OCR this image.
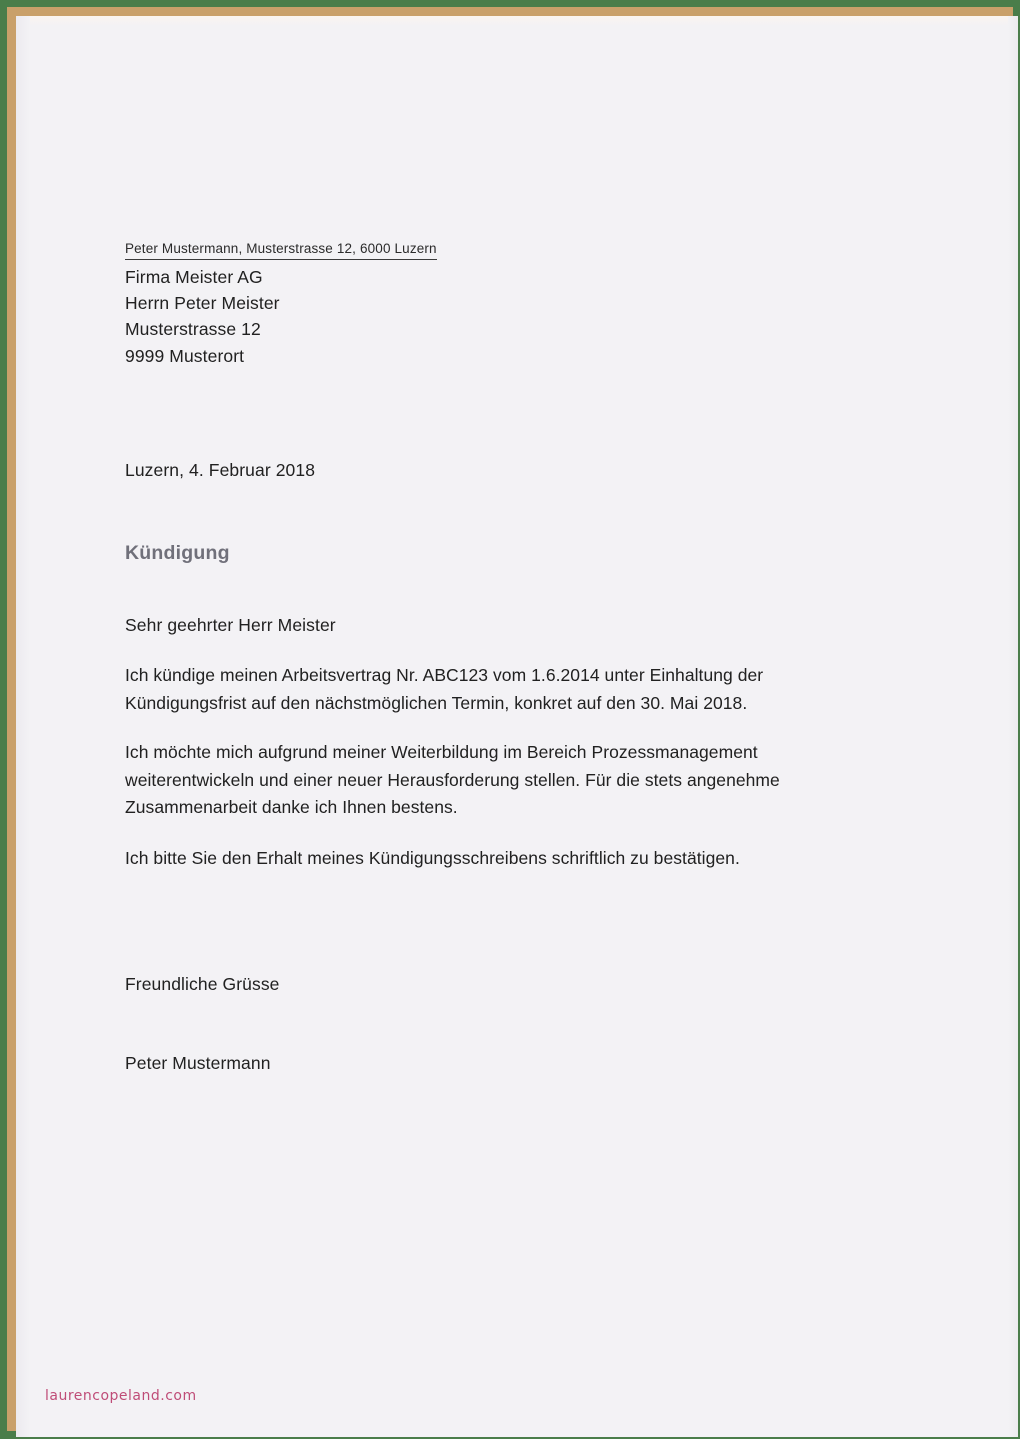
Peter Mustermann, Musterstrasse 12, 6000 Luzern
Firma Meister AG
Herrn Peter Meister
Musterstrasse 12
9999 Musterort
Luzern, 4. Februar 2018
Kündigung
Sehr geehrter Herr Meister
Ich kündige meinen Arbeitsvertrag Nr. ABC123 vom 1.6.2014 unter Einhaltung der Kündigungsfrist auf den nächstmöglichen Termin, konkret auf den 30. Mai 2018.
Ich möchte mich aufgrund meiner Weiterbildung im Bereich Prozessmanagement weiterentwickeln und einer neuer Herausforderung stellen. Für die stets angenehme Zusammenarbeit danke ich Ihnen bestens.
Ich bitte Sie den Erhalt meines Kündigungsschreibens schriftlich zu bestätigen.
Freundliche Grüsse
Peter Mustermann
laurencopeland.com
